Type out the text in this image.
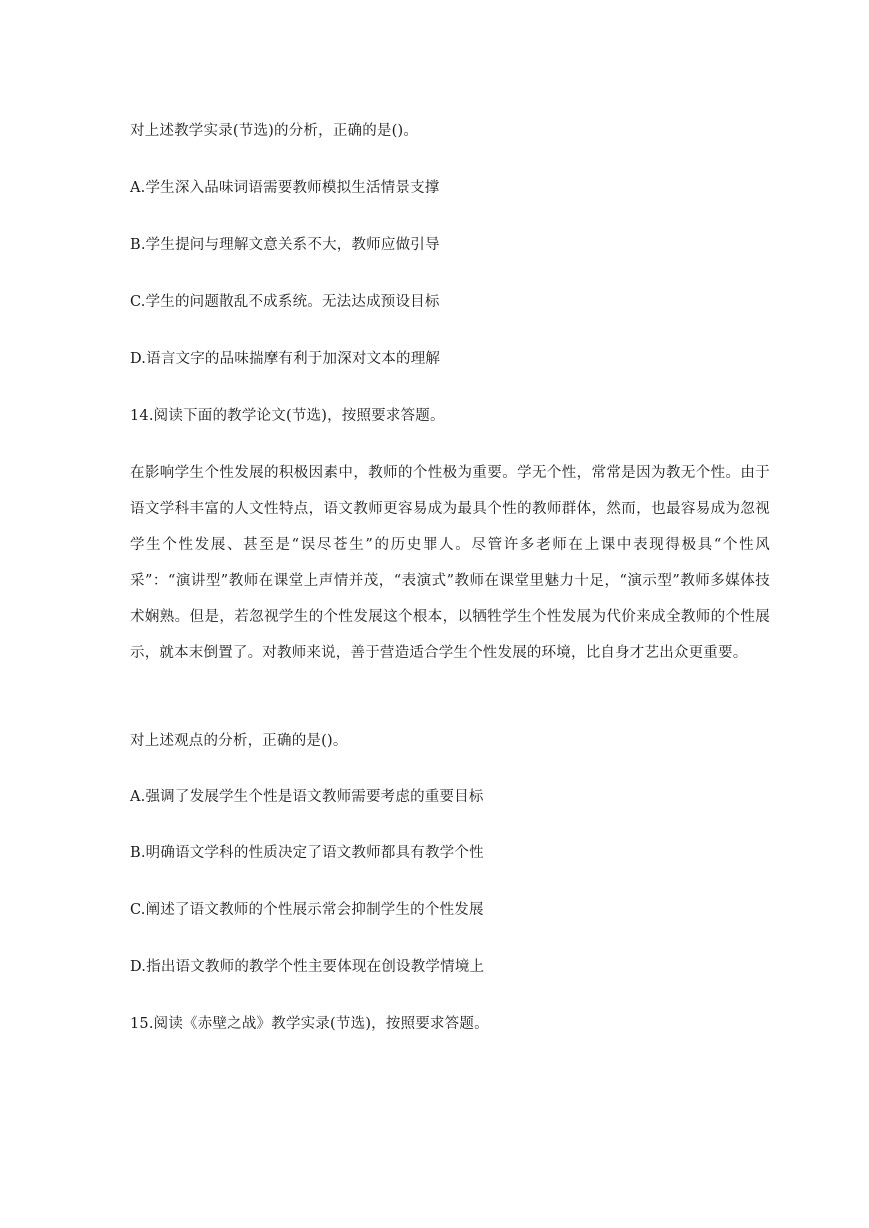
对上述教学实录(节选)的分析，正确的是()。
A.学生深入品味词语需要教师模拟生活情景支撑
B.学生提问与理解文意关系不大，教师应做引导
C.学生的问题散乱不成系统。无法达成预设目标
D.语言文字的品味揣摩有利于加深对文本的理解
14.阅读下面的教学论文(节选)，按照要求答题。
在影响学生个性发展的积极因素中，教师的个性极为重要。学无个性，常常是因为教无个性。由于语文学科丰富的人文性特点，语文教师更容易成为最具个性的教师群体，然而，也最容易成为忽视学生个性发展、甚至是“误尽苍生”的历史罪人。尽管许多老师在上课中表现得极具“个性风采”：“演讲型”教师在课堂上声情并茂，“表演式”教师在课堂里魅力十足，“演示型”教师多媒体技术娴熟。但是，若忽视学生的个性发展这个根本，以牺牲学生个性发展为代价来成全教师的个性展示，就本末倒置了。对教师来说，善于营造适合学生个性发展的环境，比自身才艺出众更重要。
对上述观点的分析，正确的是()。
A.强调了发展学生个性是语文教师需要考虑的重要目标
B.明确语文学科的性质决定了语文教师都具有教学个性
C.阐述了语文教师的个性展示常会抑制学生的个性发展
D.指出语文教师的教学个性主要体现在创设教学情境上
15.阅读《赤壁之战》教学实录(节选)，按照要求答题。
